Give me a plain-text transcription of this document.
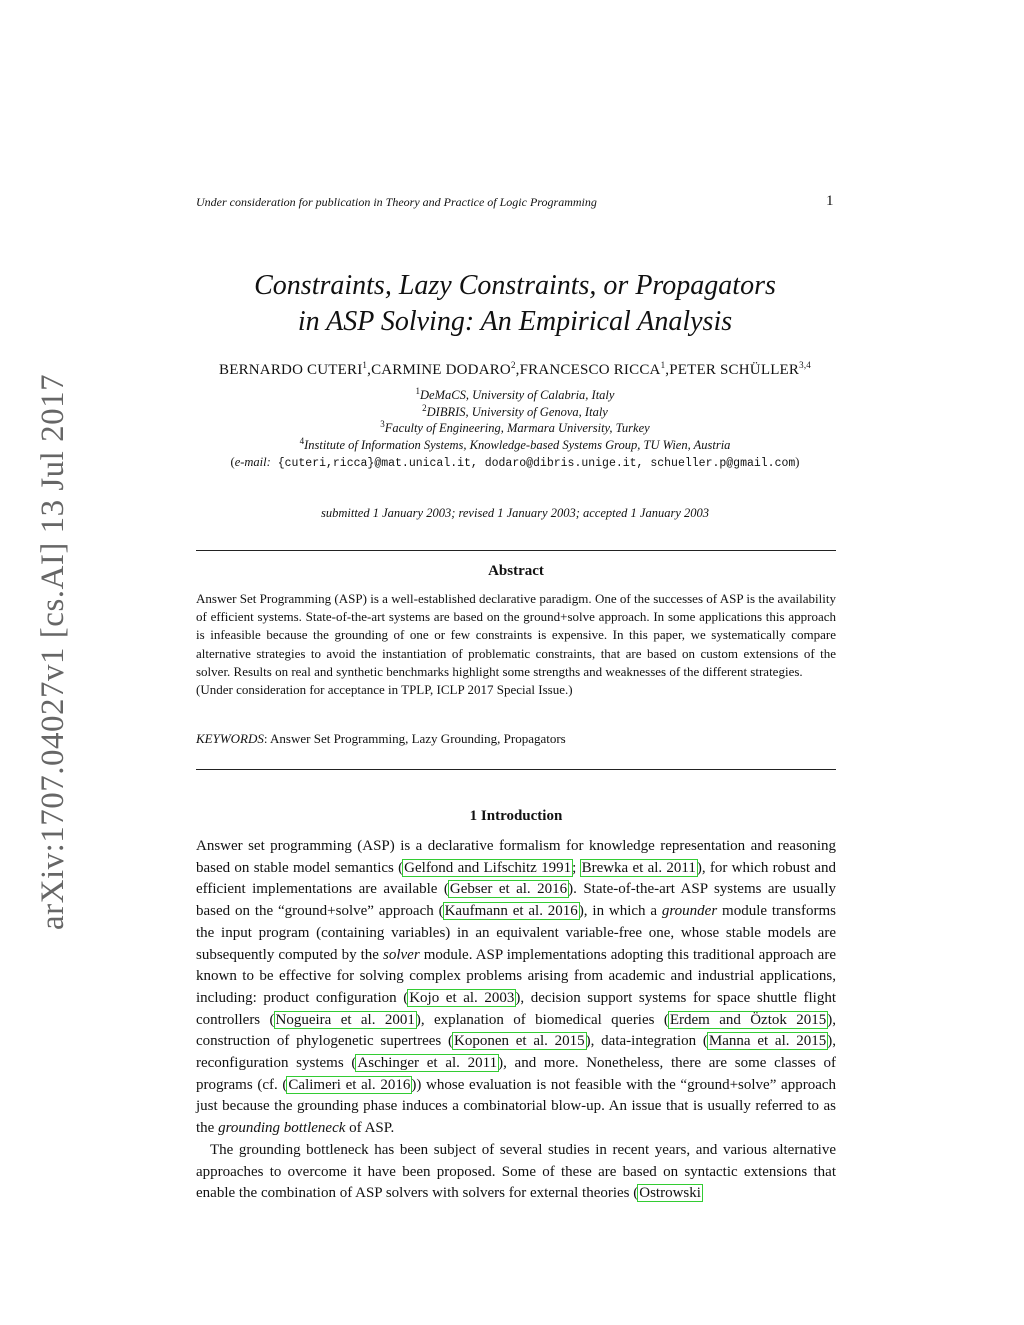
arXiv:1707.04027v1 [cs.AI] 13 Jul 2017
Under consideration for publication in Theory and Practice of Logic Programming	1
Constraints, Lazy Constraints, or Propagators
in ASP Solving: An Empirical Analysis
BERNARDO CUTERI$^1$,CARMINE DODARO$^2$,FRANCESCO RICCA$^1$,PETER SCHÜLLER$^{3,4}$
$^1$DeMaCS, University of Calabria, Italy
$^2$DIBRIS, University of Genova, Italy
$^3$Faculty of Engineering, Marmara University, Turkey
$^4$Institute of Information Systems, Knowledge-based Systems Group, TU Wien, Austria
(e-mail: {cuteri,ricca}@mat.unical.it, dodaro@dibris.unige.it, schueller.p@gmail.com)
submitted 1 January 2003; revised 1 January 2003; accepted 1 January 2003
Abstract
Answer Set Programming (ASP) is a well-established declarative paradigm. One of the successes of ASP is the availability of efficient systems. State-of-the-art systems are based on the ground+solve approach. In some applications this approach is infeasible because the grounding of one or few constraints is expensive. In this paper, we systematically compare alternative strategies to avoid the instantiation of problematic constraints, that are based on custom extensions of the solver. Results on real and synthetic benchmarks highlight some strengths and weaknesses of the different strategies.
(Under consideration for acceptance in TPLP, ICLP 2017 Special Issue.)
KEYWORDS: Answer Set Programming, Lazy Grounding, Propagators
1 Introduction

Answer set programming (ASP) is a declarative formalism for knowledge representation and reasoning based on stable model semantics (Gelfond and Lifschitz 1991; Brewka et al. 2011), for which robust and efficient implementations are available (Gebser et al. 2016). State-of-the-art ASP systems are usually based on the “ground+solve” approach (Kaufmann et al. 2016), in which a grounder module transforms the input program (containing variables) in an equivalent variable-free one, whose stable models are subsequently computed by the solver module. ASP implementations adopting this traditional approach are known to be effective for solving complex problems arising from academic and industrial applications, including: product configuration (Kojo et al. 2003), decision support systems for space shuttle flight controllers (Nogueira et al. 2001), explanation of biomedical queries (Erdem and Öztok 2015), construction of phylogenetic supertrees (Koponen et al. 2015), data-integration (Manna et al. 2015), reconfiguration systems (Aschinger et al. 2011), and more. Nonetheless, there are some classes of programs (cf. (Calimeri et al. 2016)) whose evaluation is not feasible with the “ground+solve” approach just because the grounding phase induces a combinatorial blow-up. An issue that is usually referred to as the grounding bottleneck of ASP.

The grounding bottleneck has been subject of several studies in recent years, and various alternative approaches to overcome it have been proposed. Some of these are based on syntactic extensions that enable the combination of ASP solvers with solvers for external theories (Ostrowski
